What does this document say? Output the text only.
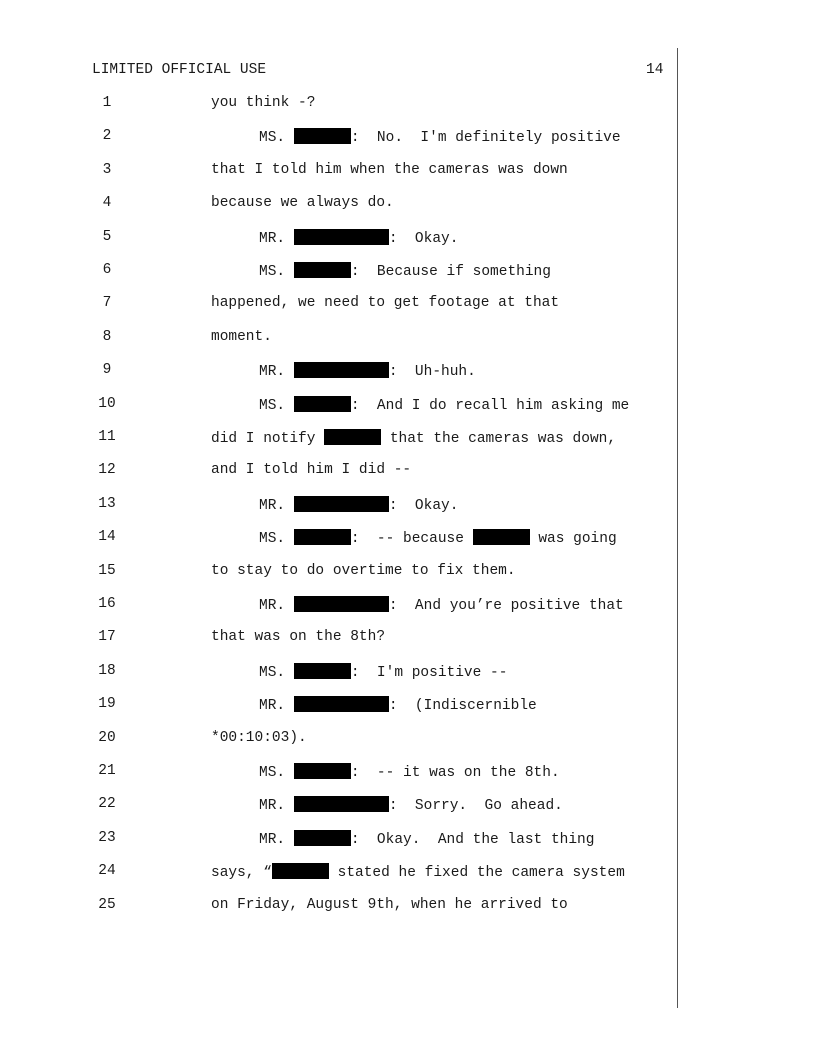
LIMITED OFFICIAL USE	14
1	you think -?
2	MS.	:  No.  I'm definitely positive
3	that I told him when the cameras was down
4	because we always do.
5	MR.	:  Okay.
6	MS.	:  Because if something
7	happened, we need to get footage at that
8	moment.
9	MR.	:  Uh-huh.
10	MS.	:  And I do recall him asking me
11	did I notify	that the cameras was down,
12	and I told him I did --
13	MR.	:  Okay.
14	MS.	:  -- because	was going
15	to stay to do overtime to fix them.
16	MR.	:  And you’re positive that
17	that was on the 8th?
18	MS.	:  I'm positive --
19	MR.	:  (Indiscernible
20	*00:10:03).
21	MS.	:  -- it was on the 8th.
22	MR.	:  Sorry.  Go ahead.
23	MR.	:  Okay.  And the last thing
24	says, “	stated he fixed the camera system
25	on Friday, August 9th, when he arrived to
